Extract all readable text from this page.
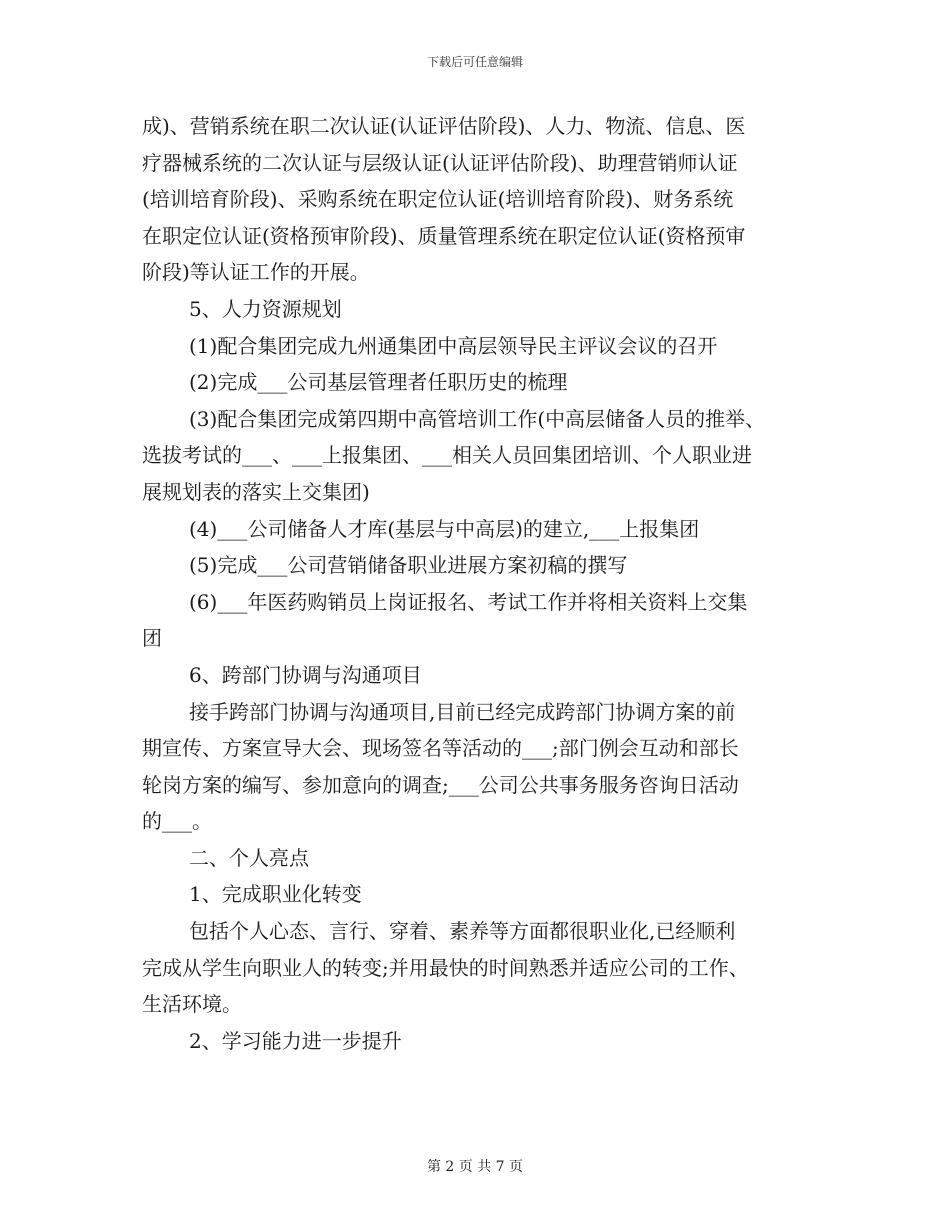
下载后可任意编辑

成)、营销系统在职二次认证(认证评估阶段)、人力、物流、信息、医

疗器械系统的二次认证与层级认证(认证评估阶段)、助理营销师认证

(培训培育阶段)、采购系统在职定位认证(培训培育阶段)、财务系统

在职定位认证(资格预审阶段)、质量管理系统在职定位认证(资格预审

阶段)等认证工作的开展。

5、人力资源规划

(1)配合集团完成九州通集团中高层领导民主评议会议的召开

(2)完成___公司基层管理者任职历史的梳理

(3)配合集团完成第四期中高管培训工作(中高层储备人员的推举、

选拔考试的___、___上报集团、___相关人员回集团培训、个人职业进

展规划表的落实上交集团)

(4)___公司储备人才库(基层与中高层)的建立,___上报集团

(5)完成___公司营销储备职业进展方案初稿的撰写

(6)___年医药购销员上岗证报名、考试工作并将相关资料上交集

团

6、跨部门协调与沟通项目

接手跨部门协调与沟通项目,目前已经完成跨部门协调方案的前

期宣传、方案宣导大会、现场签名等活动的___;部门例会互动和部长

轮岗方案的编写、参加意向的调查;___公司公共事务服务咨询日活动

的___。

二、个人亮点

1、完成职业化转变

包括个人心态、言行、穿着、素养等方面都很职业化,已经顺利

完成从学生向职业人的转变;并用最快的时间熟悉并适应公司的工作、

生活环境。

2、学习能力进一步提升

第 2 页 共 7 页
